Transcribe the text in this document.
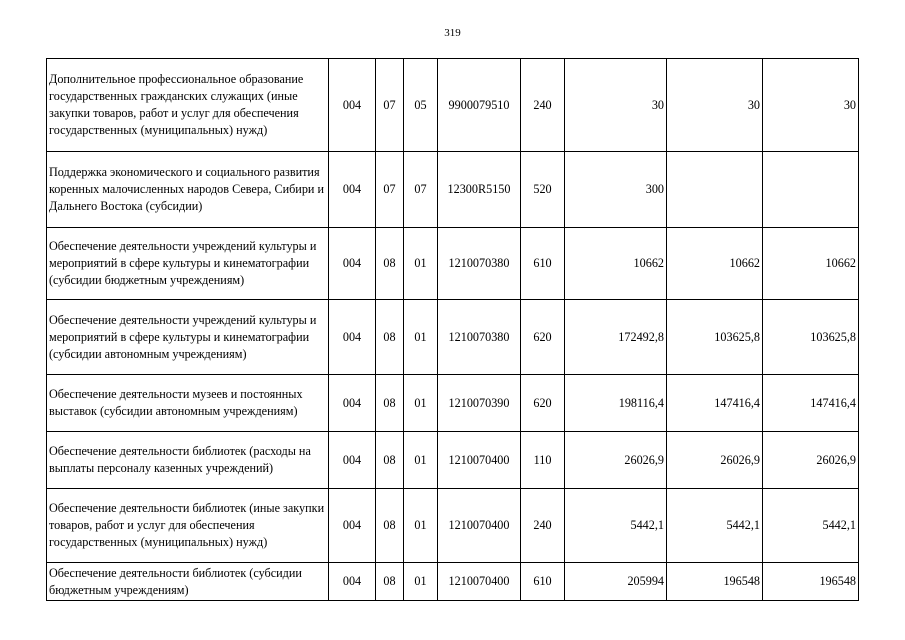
319
Дополнительное профессиональное образование государственных гражданских служащих (иные закупки товаров, работ и услуг для обеспечения государственных (муниципальных) нужд)	004	07	05	9900079510	240	30	30	30
Поддержка экономического и социального развития коренных малочисленных народов Севера, Сибири и Дальнего Востока (субсидии)	004	07	07	12300R5150	520	300		
Обеспечение деятельности учреждений культуры и мероприятий в сфере культуры и кинематографии (субсидии бюджетным учреждениям)	004	08	01	1210070380	610	10662	10662	10662
Обеспечение деятельности учреждений культуры и мероприятий в сфере культуры и кинематографии (субсидии автономным учреждениям)	004	08	01	1210070380	620	172492,8	103625,8	103625,8
Обеспечение деятельности музеев и постоянных выставок (субсидии автономным учреждениям)	004	08	01	1210070390	620	198116,4	147416,4	147416,4
Обеспечение деятельности библиотек (расходы на выплаты персоналу казенных учреждений)	004	08	01	1210070400	110	26026,9	26026,9	26026,9
Обеспечение деятельности библиотек (иные закупки товаров, работ и услуг для обеспечения государственных (муниципальных) нужд)	004	08	01	1210070400	240	5442,1	5442,1	5442,1
Обеспечение деятельности библиотек (субсидии бюджетным учреждениям)	004	08	01	1210070400	610	205994	196548	196548
